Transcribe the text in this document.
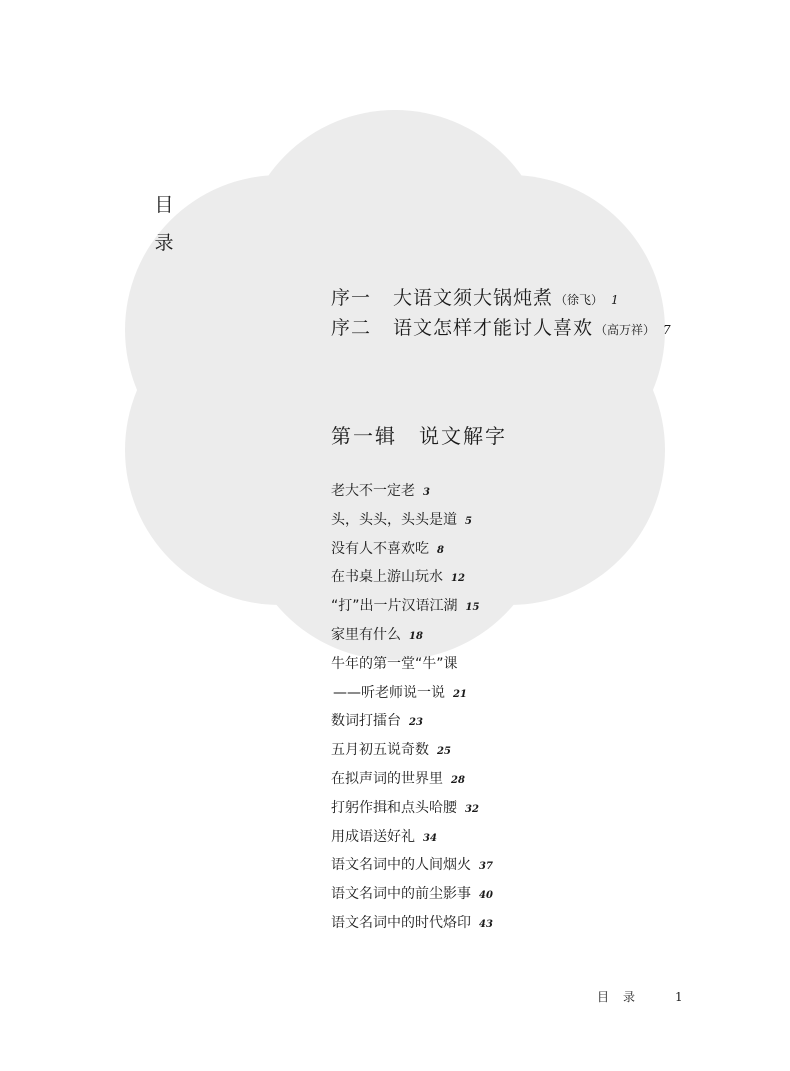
目
录
序一	大语文须大锅炖煮 （徐飞） 1
序二	语文怎样才能讨人喜欢 （高万祥） 7
第一辑 说文解字
老大不一定老 3
头，头头，头头是道 5
没有人不喜欢吃 8
在书桌上游山玩水 12
“打”出一片汉语江湖 15
家里有什么 18
牛年的第一堂“牛”课
——听老师说一说 21
数词打擂台 23
五月初五说奇数 25
在拟声词的世界里 28
打躬作揖和点头哈腰 32
用成语送好礼 34
语文名词中的人间烟火 37
语文名词中的前尘影事 40
语文名词中的时代烙印 43
目录 1
